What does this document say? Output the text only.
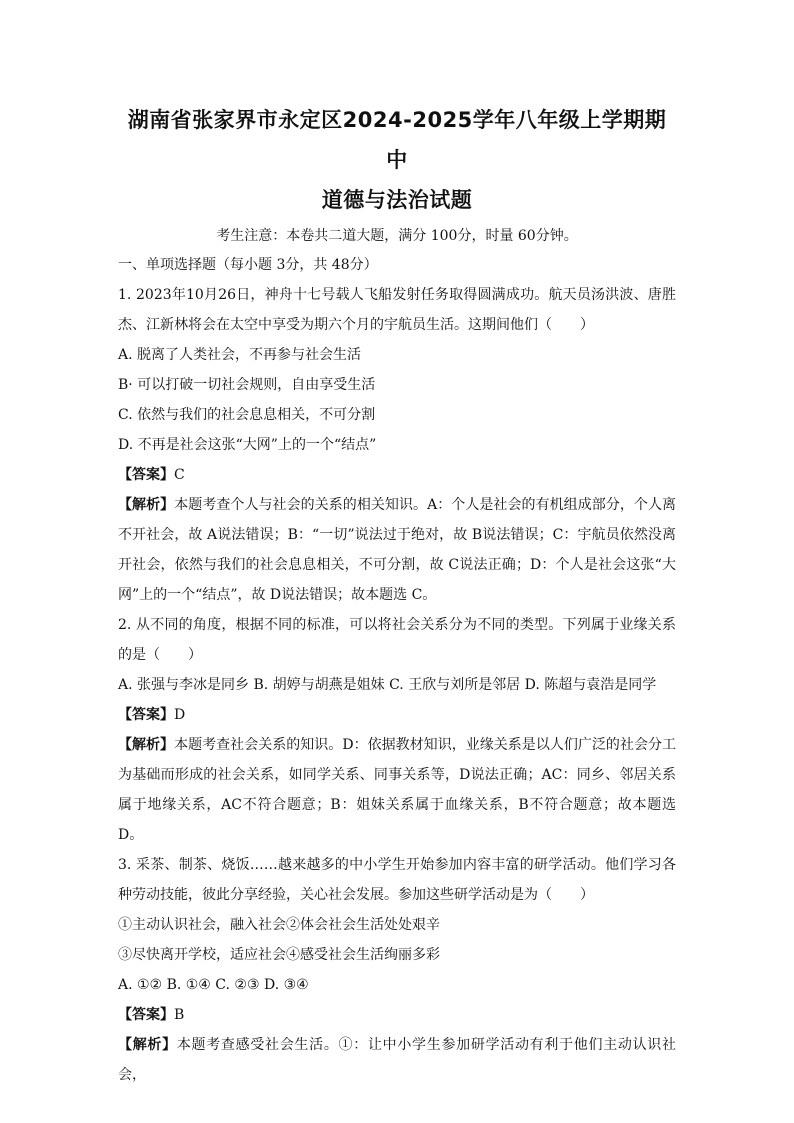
湖南省张家界市永定区2024-2025学年八年级上学期期中
道德与法治试题

考生注意：本卷共二道大题，满分 100分，时量 60分钟。

一、单项选择题（每小题 3分，共 48分）

1. 2023年10月26日，神舟十七号载人飞船发射任务取得圆满成功。航天员汤洪波、唐胜杰、江新林将会在太空中享受为期六个月的宇航员生活。这期间他们（　　）

A. 脱离了人类社会，不再参与社会生活

B· 可以打破一切社会规则，自由享受生活

C. 依然与我们的社会息息相关，不可分割

D. 不再是社会这张“大网”上的一个“结点”

【答案】C

【解析】本题考查个人与社会的关系的相关知识。A：个人是社会的有机组成部分，个人离不开社会，故 A说法错误；B：“一切”说法过于绝对，故 B说法错误；C：宇航员依然没离开社会，依然与我们的社会息息相关，不可分割，故 C说法正确；D：个人是社会这张“大网”上的一个“结点”，故 D说法错误；故本题选 C。

2. 从不同的角度，根据不同的标准，可以将社会关系分为不同的类型。下列属于业缘关系的是（　　）

A. 张强与李冰是同乡 B. 胡婷与胡燕是姐妹 C. 王欣与刘所是邻居 D. 陈超与袁浩是同学

【答案】D

【解析】本题考查社会关系的知识。D：依据教材知识，业缘关系是以人们广泛的社会分工为基础而形成的社会关系，如同学关系、同事关系等，D说法正确；AC：同乡、邻居关系属于地缘关系，AC不符合题意；B：姐妹关系属于血缘关系，B不符合题意；故本题选 D。

3. 采茶、制茶、烧饭……越来越多的中小学生开始参加内容丰富的研学活动。他们学习各种劳动技能，彼此分享经验，关心社会发展。参加这些研学活动是为（　　）

①主动认识社会，融入社会②体会社会生活处处艰辛

③尽快离开学校，适应社会④感受社会生活绚丽多彩

A. ①② B. ①④ C. ②③ D. ③④

【答案】B

【解析】本题考查感受社会生活。①：让中小学生参加研学活动有利于他们主动认识社会，
